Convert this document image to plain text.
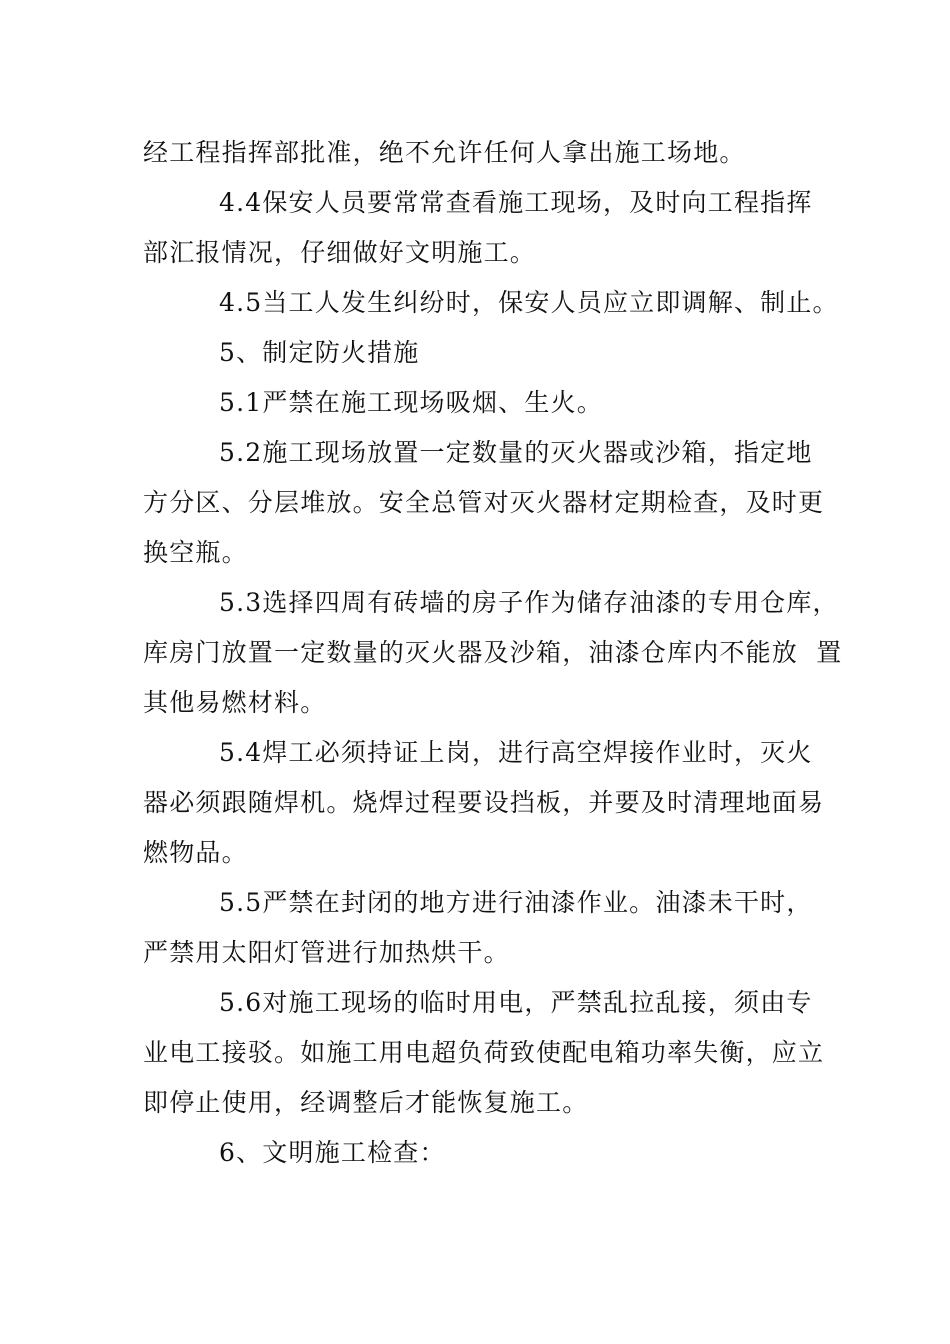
经工程指挥部批准，绝不允许任何人拿出施工场地。
4.4保安人员要常常查看施工现场，及时向工程指挥
部汇报情况，仔细做好文明施工。
4.5当工人发生纠纷时，保安人员应立即调解、制止。
5、制定防火措施
5.1严禁在施工现场吸烟、生火。
5.2施工现场放置一定数量的灭火器或沙箱，指定地
方分区、分层堆放。安全总管对灭火器材定期检查，及时更
换空瓶。
5.3选择四周有砖墙的房子作为储存油漆的专用仓库，
库房门放置一定数量的灭火器及沙箱，油漆仓库内不能放  置
其他易燃材料。
5.4焊工必须持证上岗，进行高空焊接作业时，灭火
器必须跟随焊机。烧焊过程要设挡板，并要及时清理地面易
燃物品。
5.5严禁在封闭的地方进行油漆作业。油漆未干时，
严禁用太阳灯管进行加热烘干。
5.6对施工现场的临时用电，严禁乱拉乱接，须由专
业电工接驳。如施工用电超负荷致使配电箱功率失衡，应立
即停止使用，经调整后才能恢复施工。
6、文明施工检查：
